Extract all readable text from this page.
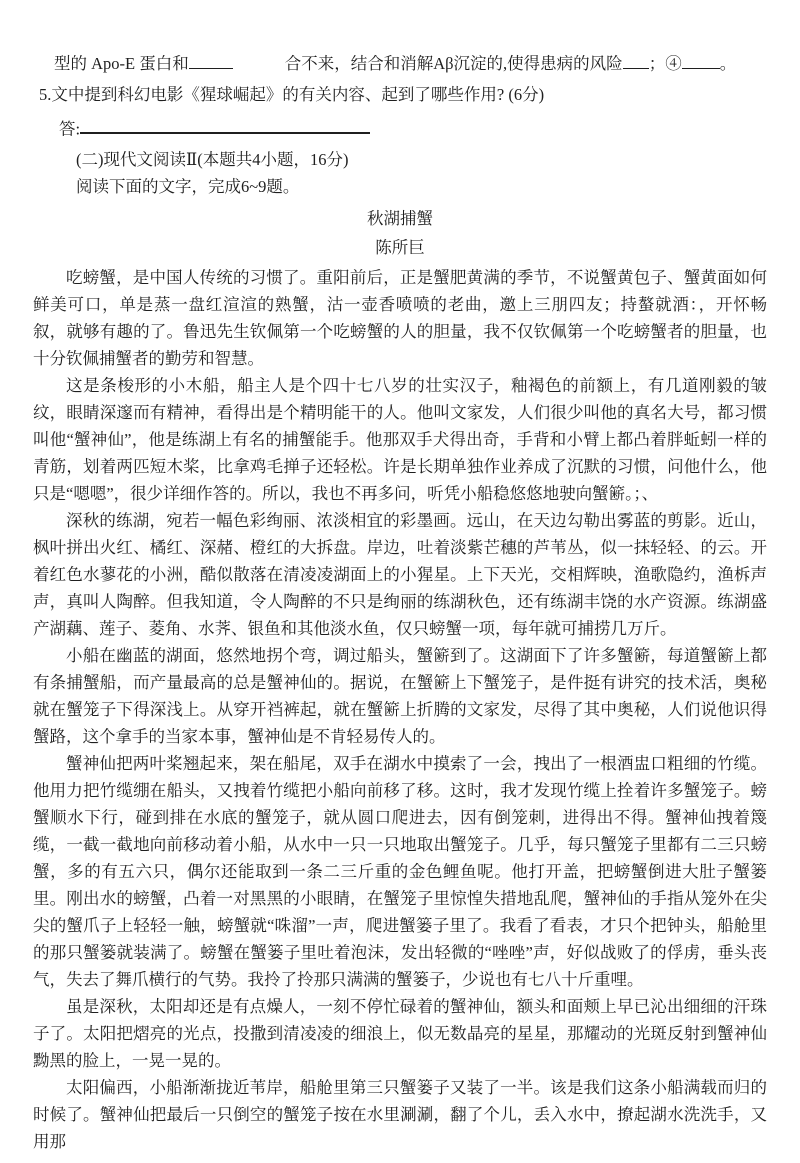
型的 Apo-E 蛋白和	合不来，结合和消解Aβ沉淀的,使得患病的风险 ；④ 。
5.文中提到科幻电影《猩球崛起》的有关内容、起到了哪些作用? (6分)
答:
(二)现代文阅读Ⅱ(本题共4小题，16分)
阅读下面的文字，完成6~9题。
秋湖捕蟹
陈所巨

吃螃蟹，是中国人传统的习惯了。重阳前后，正是蟹肥黄满的季节，不说蟹黄包子、蟹黄面如何鲜美可口，单是蒸一盘红渲渲的熟蟹，沽一壶香喷喷的老曲，邀上三朋四友；持螯就酒：，开怀畅叙，就够有趣的了。鲁迅先生钦佩第一个吃螃蟹的人的胆量，我不仅钦佩第一个吃螃蟹者的胆量，也十分钦佩捕蟹者的勤劳和智慧。

这是条梭形的小木船，船主人是个四十七八岁的壮实汉子，釉褐色的前额上，有几道刚毅的皱纹，眼睛深邃而有精神，看得出是个精明能干的人。他叫文家发，人们很少叫他的真名大号，都习惯叫他“蟹神仙”，他是练湖上有名的捕蟹能手。他那双手犬得出奇，手背和小臂上都凸着胖蚯蚓一样的青筋，划着两匹短木桨，比拿鸡毛掸子还轻松。许是长期单独作业养成了沉默的习惯，问他什么，他只是“嗯嗯”，很少详细作答的。所以，我也不再多问，听凭小船稳悠悠地驶向蟹簖。；、

深秋的练湖，宛若一幅色彩绚丽、浓淡相宜的彩墨画。远山，在天边勾勒出雾蓝的剪影。近山，枫叶拼出火红、橘红、深赭、橙红的大拆盘。岸边，吐着淡紫芒穗的芦苇丛，似一抹轻轻、的云。开着红色水蓼花的小洲，酷似散落在清凌凌湖面上的小猩星。上下天光，交相辉映，渔歌隐约，渔柝声声，真叫人陶醉。但我知道，令人陶醉的不只是绚丽的练湖秋色，还有练湖丰饶的水产资源。练湖盛产湖藕、莲子、菱角、水荠、银鱼和其他淡水鱼，仅只螃蟹一项，每年就可捕捞几万斤。

小船在幽蓝的湖面，悠然地拐个弯，调过船头，蟹簖到了。这湖面下了许多蟹簖，每道蟹簖上都有条捕蟹船，而产量最高的总是蟹神仙的。据说，在蟹簖上下蟹笼子，是件挺有讲究的技术活，奥秘就在蟹笼子下得深浅上。从穿开裆裤起，就在蟹簖上折腾的文家发，尽得了其中奥秘，人们说他识得蟹路，这个拿手的当家本事，蟹神仙是不肯轻易传人的。

蟹神仙把两叶桨翘起来，架在船尾，双手在湖水中摸索了一会，拽出了一根酒盅口粗细的竹缆。他用力把竹缆绷在船头，又拽着竹缆把小船向前移了移。这时，我才发现竹缆上拴着许多蟹笼子。螃蟹顺水下行，碰到排在水底的蟹笼子，就从圆口爬进去，因有倒笼刺，进得出不得。蟹神仙拽着篾缆，一截一截地向前移动着小船，从水中一只一只地取出蟹笼子。几乎，每只蟹笼子里都有二三只螃蟹，多的有五六只，偶尔还能取到一条二三斤重的金色鲤鱼呢。他打开盖，把螃蟹倒进大肚子蟹篓里。刚出水的螃蟹，凸着一对黑黑的小眼睛，在蟹笼子里惊惶失措地乱爬，蟹神仙的手指从笼外在尖尖的蟹爪子上轻轻一触，螃蟹就“咮溜”一声，爬进蟹篓子里了。我看了看表，才只个把钟头，船舱里的那只蟹篓就装满了。螃蟹在蟹篓子里吐着泡沫，发出轻微的“唑唑”声，好似战败了的俘虏，垂头丧气，失去了舞爪横行的气势。我拎了拎那只满满的蟹篓子，少说也有七八十斤重哩。

虽是深秋，太阳却还是有点燥人，一刻不停忙碌着的蟹神仙，额头和面颊上早已沁出细细的汗珠子了。太阳把熠亮的光点，投撒到清凌凌的细浪上，似无数晶亮的星星，那耀动的光斑反射到蟹神仙黝黑的脸上，一晃一晃的。

太阳偏西，小船渐渐拢近苇岸，船舱里第三只蟹篓子又装了一半。该是我们这条小船满载而归的时候了。蟹神仙把最后一只倒空的蟹笼子按在水里涮涮，翻了个儿，丢入水中，撩起湖水洗洗手，又用那
